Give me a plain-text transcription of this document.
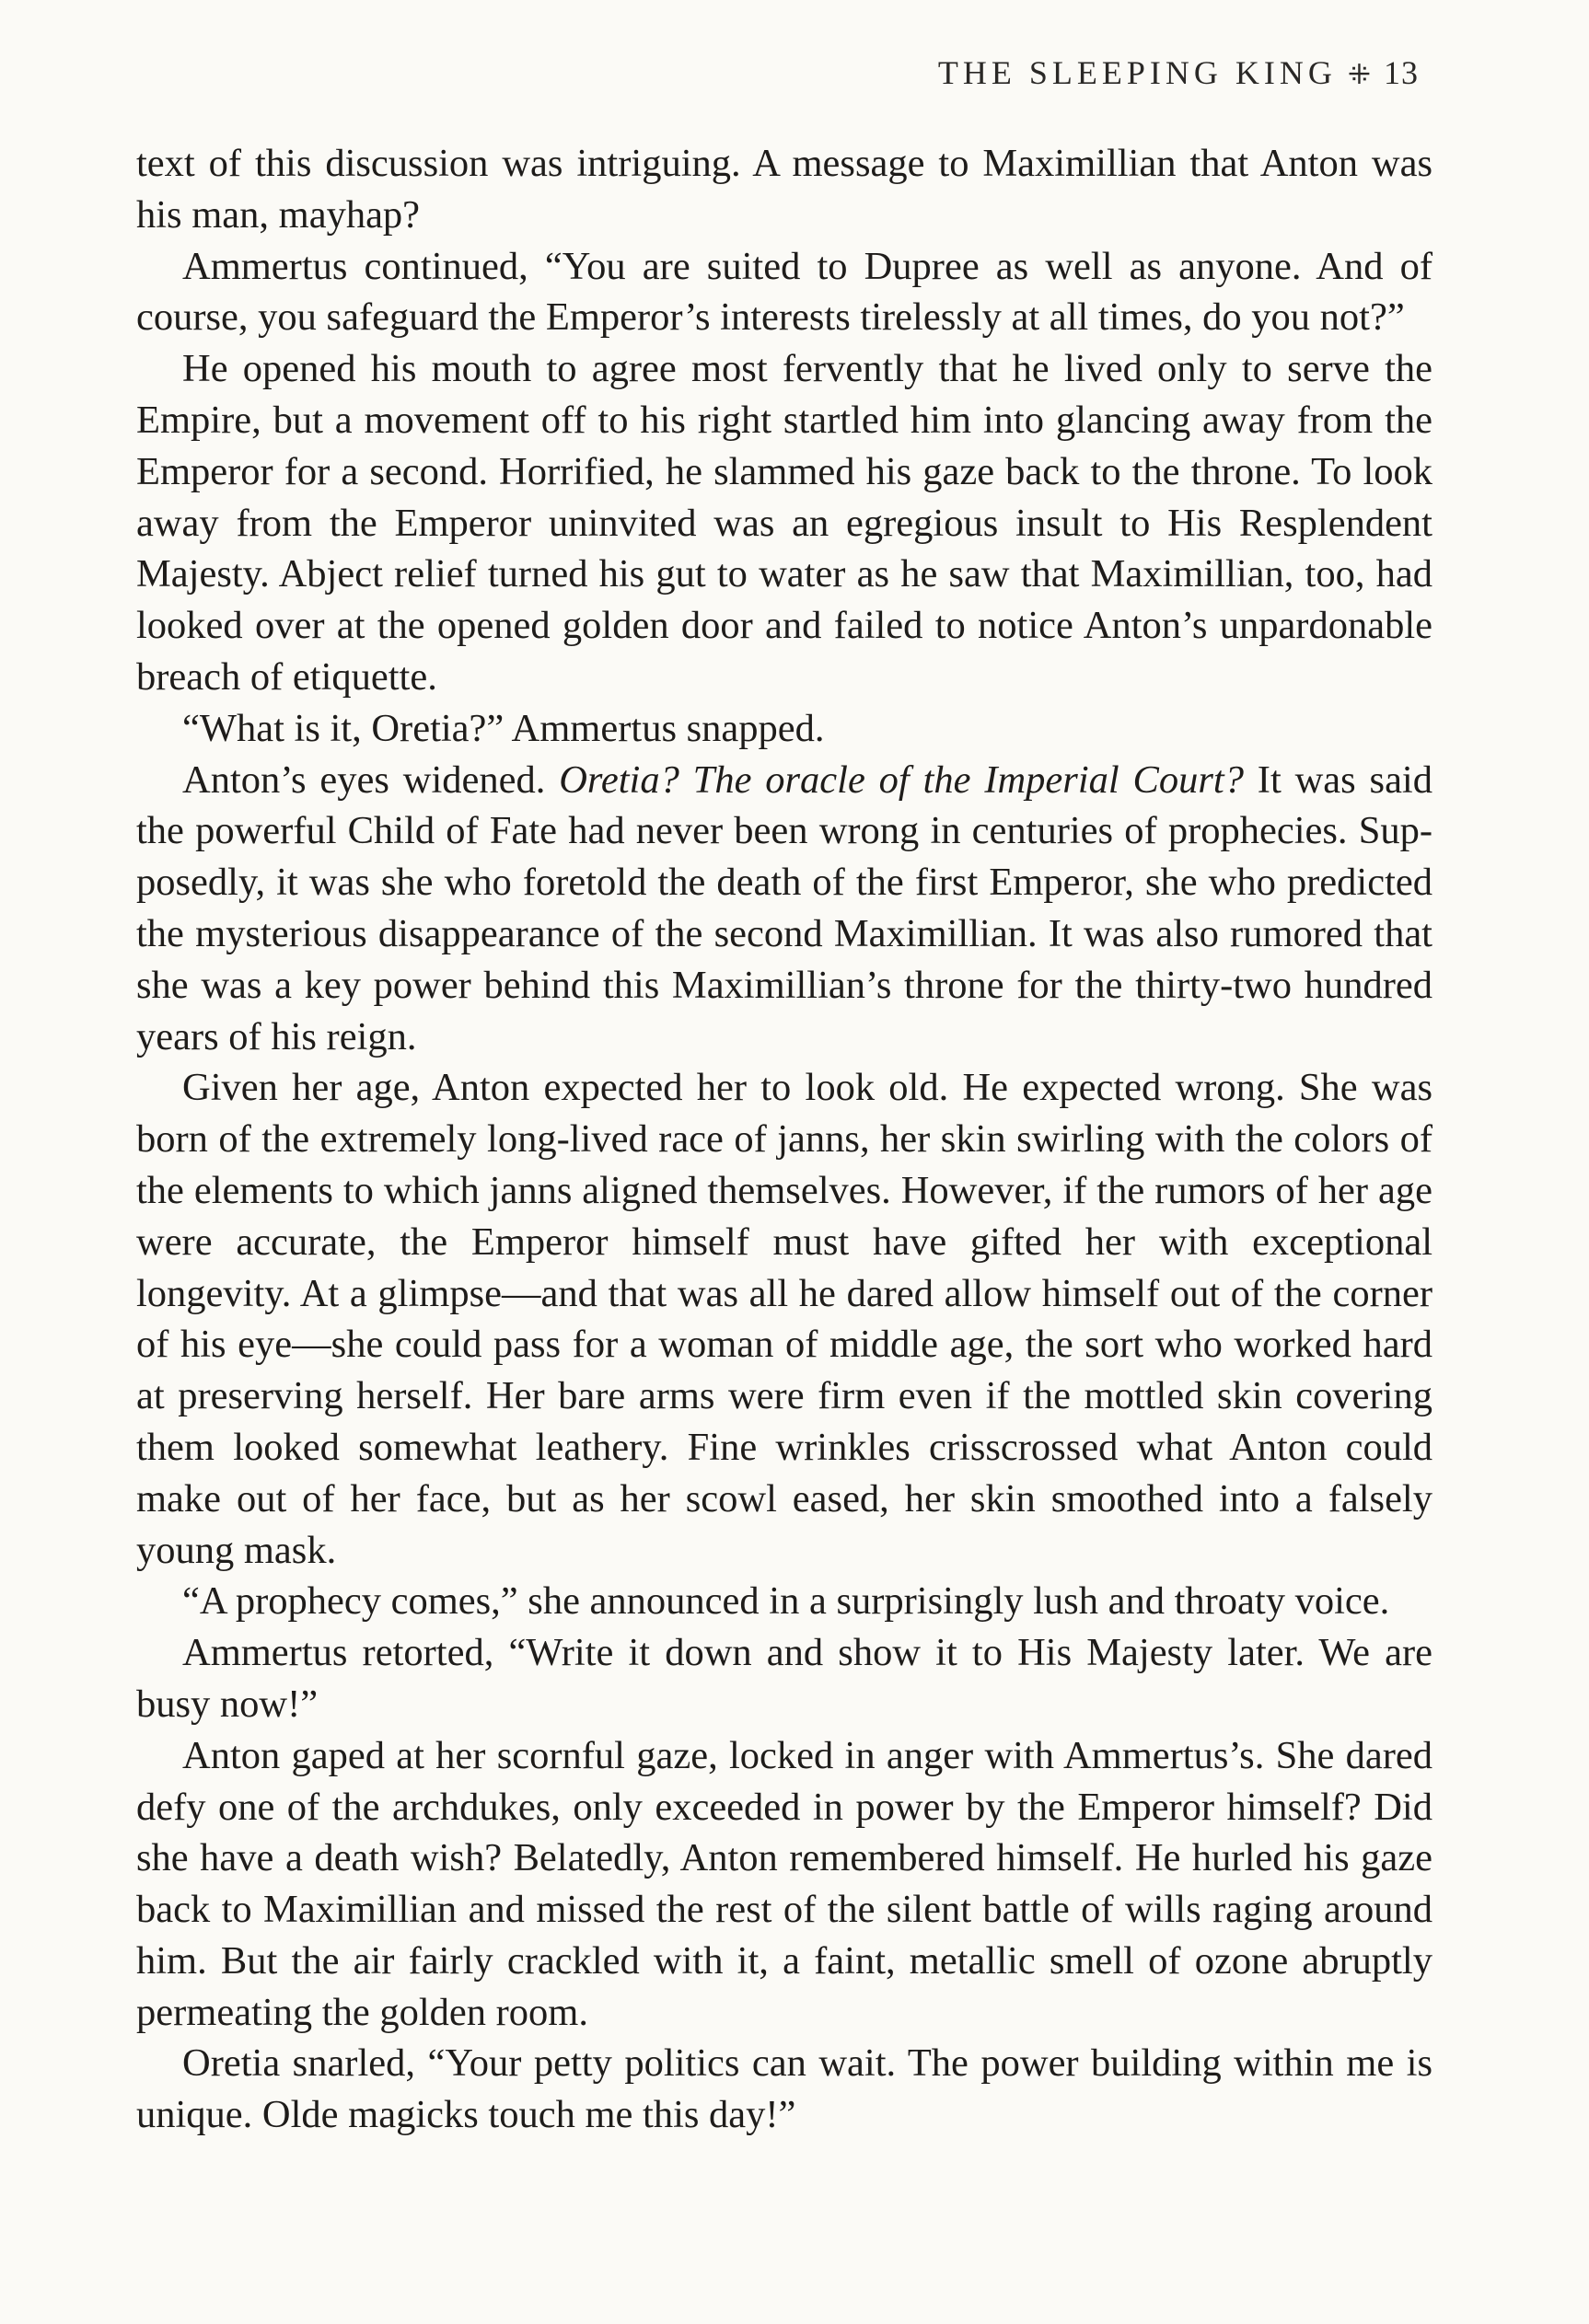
THE SLEEPING KING ⁜ 13

text of this discussion was intriguing. A message to Maximillian that Anton was his man, mayhap?

Ammertus continued, “You are suited to Dupree as well as anyone. And of course, you safeguard the Emperor’s interests tirelessly at all times, do you not?”

He opened his mouth to agree most fervently that he lived only to serve the Empire, but a movement off to his right startled him into glancing away from the Emperor for a second. Horrified, he slammed his gaze back to the throne. To look away from the Emperor uninvited was an egregious insult to His Resplendent Majesty. Abject relief turned his gut to water as he saw that Maximillian, too, had looked over at the opened golden door and failed to notice Anton’s unpardonable breach of etiquette.

“What is it, Oretia?” Ammertus snapped.

Anton’s eyes widened. Oretia? The oracle of the Imperial Court? It was said the powerful Child of Fate had never been wrong in centuries of prophecies. Supposedly, it was she who foretold the death of the first Emperor, she who predicted the mysterious disappearance of the second Maximillian. It was also rumored that she was a key power behind this Maximillian’s throne for the thirty-two hundred years of his reign.

Given her age, Anton expected her to look old. He expected wrong. She was born of the extremely long-lived race of janns, her skin swirling with the colors of the elements to which janns aligned themselves. However, if the rumors of her age were accurate, the Emperor himself must have gifted her with exceptional longevity. At a glimpse—and that was all he dared allow himself out of the corner of his eye—she could pass for a woman of middle age, the sort who worked hard at preserving herself. Her bare arms were firm even if the mottled skin covering them looked somewhat leathery. Fine wrinkles crisscrossed what Anton could make out of her face, but as her scowl eased, her skin smoothed into a falsely young mask.

“A prophecy comes,” she announced in a surprisingly lush and throaty voice.

Ammertus retorted, “Write it down and show it to His Majesty later. We are busy now!”

Anton gaped at her scornful gaze, locked in anger with Ammertus’s. She dared defy one of the archdukes, only exceeded in power by the Emperor himself? Did she have a death wish? Belatedly, Anton remembered himself. He hurled his gaze back to Maximillian and missed the rest of the silent battle of wills raging around him. But the air fairly crackled with it, a faint, metallic smell of ozone abruptly permeating the golden room.

Oretia snarled, “Your petty politics can wait. The power building within me is unique. Olde magicks touch me this day!”
